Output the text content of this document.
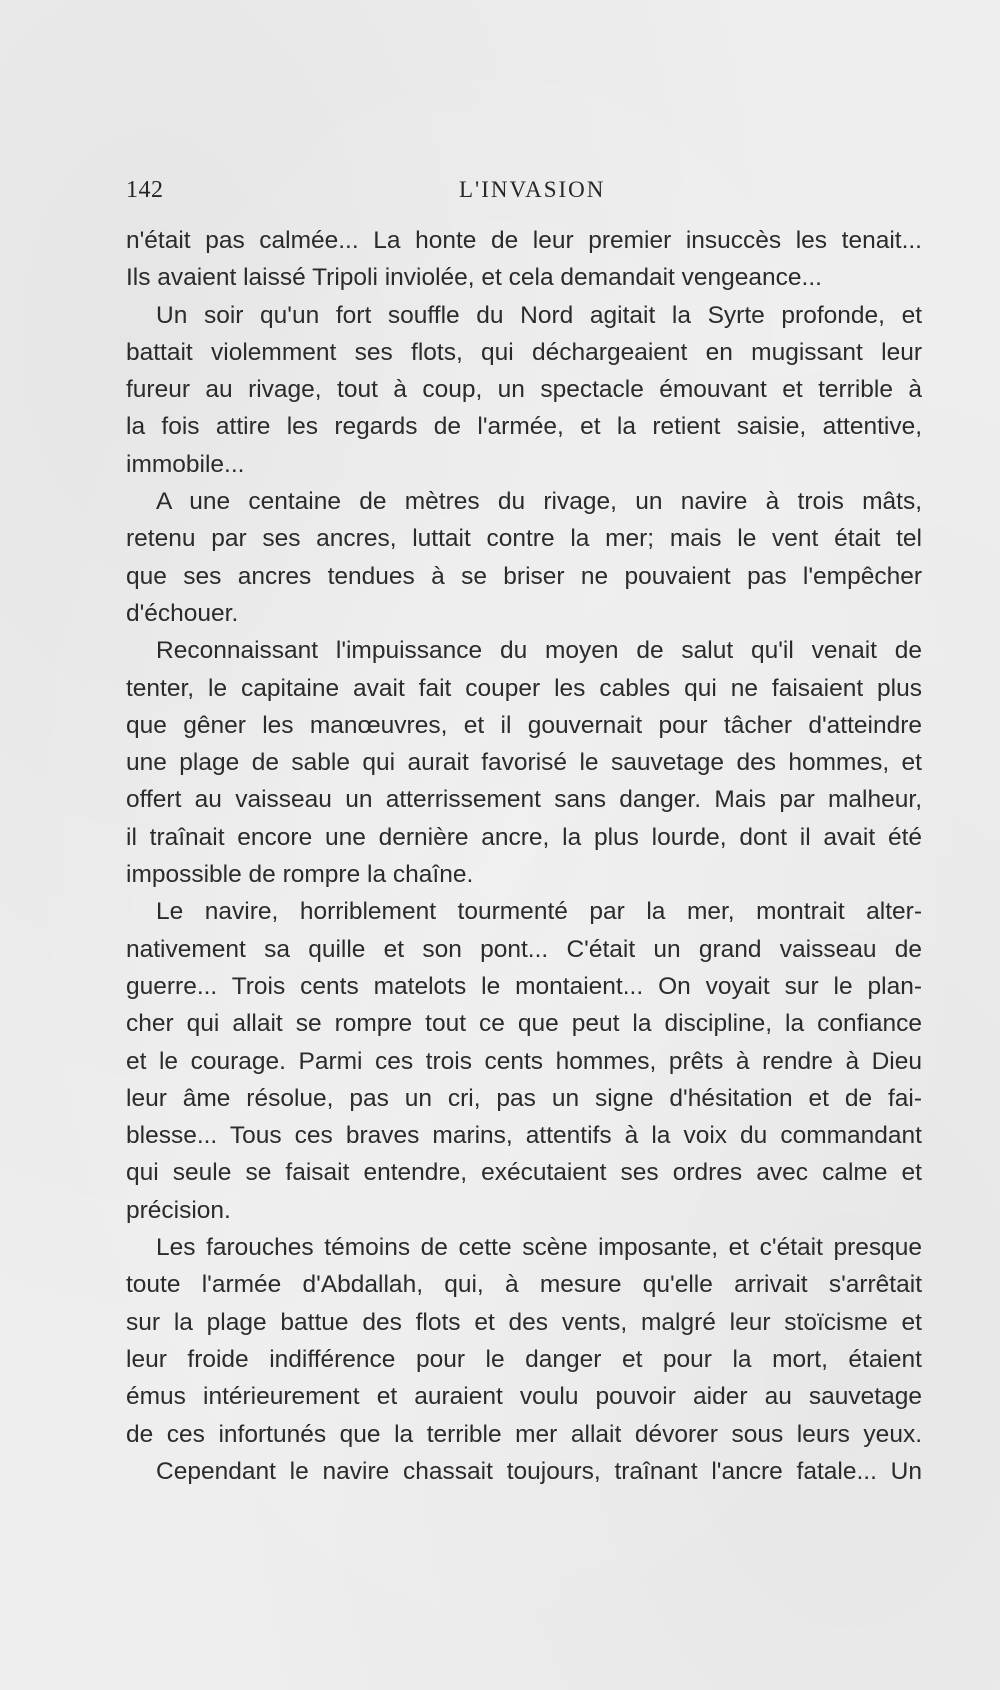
142	L'INVASION
n'était pas calmée... La honte de leur premier insuccès les tenait...
Ils avaient laissé Tripoli inviolée, et cela demandait vengeance...
Un soir qu'un fort souffle du Nord agitait la Syrte profonde, et
battait violemment ses flots, qui déchargeaient en mugissant leur
fureur au rivage, tout à coup, un spectacle émouvant et terrible à
la fois attire les regards de l'armée, et la retient saisie, attentive,
immobile...
A une centaine de mètres du rivage, un navire à trois mâts,
retenu par ses ancres, luttait contre la mer; mais le vent était tel
que ses ancres tendues à se briser ne pouvaient pas l'empêcher
d'échouer.
Reconnaissant l'impuissance du moyen de salut qu'il venait de
tenter, le capitaine avait fait couper les cables qui ne faisaient plus
que gêner les manœuvres, et il gouvernait pour tâcher d'atteindre
une plage de sable qui aurait favorisé le sauvetage des hommes, et
offert au vaisseau un atterrissement sans danger. Mais par malheur,
il traînait encore une dernière ancre, la plus lourde, dont il avait été
impossible de rompre la chaîne.
Le navire, horriblement tourmenté par la mer, montrait alter-
nativement sa quille et son pont... C'était un grand vaisseau de
guerre... Trois cents matelots le montaient... On voyait sur le plan-
cher qui allait se rompre tout ce que peut la discipline, la confiance
et le courage. Parmi ces trois cents hommes, prêts à rendre à Dieu
leur âme résolue, pas un cri, pas un signe d'hésitation et de fai-
blesse... Tous ces braves marins, attentifs à la voix du commandant
qui seule se faisait entendre, exécutaient ses ordres avec calme et
précision.
Les farouches témoins de cette scène imposante, et c'était presque
toute l'armée d'Abdallah, qui, à mesure qu'elle arrivait s'arrêtait
sur la plage battue des flots et des vents, malgré leur stoïcisme et
leur froide indifférence pour le danger et pour la mort, étaient
émus intérieurement et auraient voulu pouvoir aider au sauvetage
de ces infortunés que la terrible mer allait dévorer sous leurs yeux.
Cependant le navire chassait toujours, traînant l'ancre fatale... Un
